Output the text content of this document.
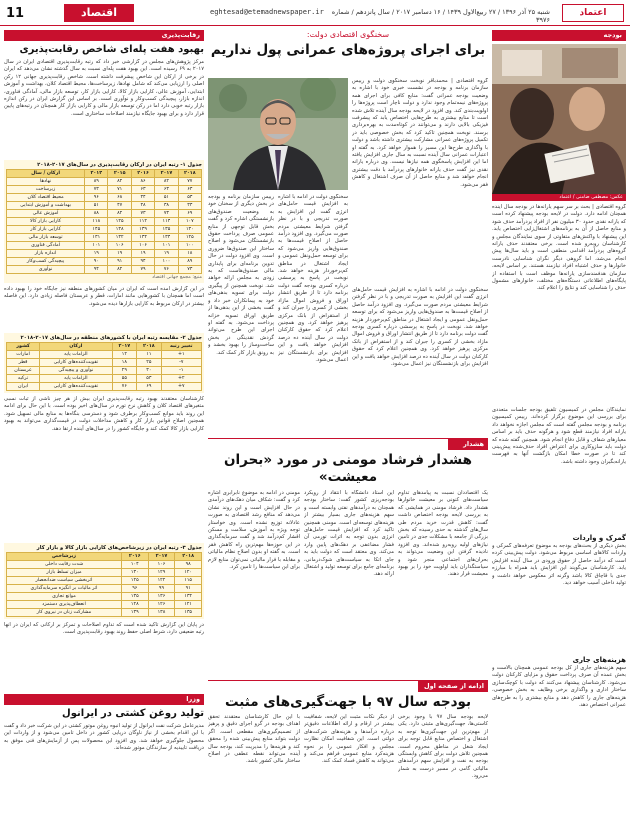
11	اقتصاد	eghtesad@etemadnewspaper.ir	شنبه ۲۵ آذر ۱۳۹۶ / ۲۷ ربیع‌الاول ۱۴۳۹ / ۱۶ دسامبر ۲۰۱۷ / سال پانزدهم / شماره ۳۹۷۶
اعتماد
رقابت‌پذیری
بهبود هفت پله‌ای شاخص رقابت‌پذیری
مرکز پژوهش‌های مجلس در گزارشی خبر داد که رتبه رقابت‌پذیری اقتصادی ایران در سال ۲۰۱۷ به ۶۹ رسیده است. این بهبود هفت پله‌ای نسبت به سال گذشته نشان می‌دهد که ایران در برخی از ارکان این شاخص پیشرفت داشته است. شاخص رقابت‌پذیری جهانی ۱۲ رکن اصلی را ارزیابی می‌کند که شامل نهادها، زیرساخت‌ها، محیط اقتصاد کلان، بهداشت و آموزش ابتدایی، آموزش عالی، کارایی بازار کالا، کارایی بازار کار، توسعه بازار مالی، آمادگی فناوری، اندازه بازار، پیچیدگی کسب‌وکار و نوآوری است. بر اساس این گزارش ایران در رکن اندازه بازار رتبه خوبی دارد اما در رکن توسعه بازار مالی و کارایی بازار کار همچنان در رتبه‌های پایین قرار دارد و برای بهبود جایگاه نیازمند اصلاحات ساختاری است.
جدول ۱- رتبه ایران در ارکان رقابت‌پذیری در سال‌های ۲۰۱۷-۲۰۱۸
ارکان / سال	۲۰۱۴	۲۰۱۵	۲۰۱۶	۲۰۱۷	۲۰۱۸
نهادها	۸۹	۸۲	۸۶	۸۲	۷۷
زیرساخت	۷۳	۷۱	۶۳	۶۳	۶۳
محیط اقتصاد کلان	۹۶	۶۸	۴۴	۵۱	۵۳
بهداشت و آموزش ابتدایی	۵۱	۴۷	۴۸	۳۸	۳۳
آموزش عالی	۸۸	۸۲	۷۳	۷۳	۶۹
کارایی بازار کالا	۱۱۸	۱۲۵	۱۱۲	۱۱۴	۱۰۷
کارایی بازار کار	۱۴۵	۱۳۸	۱۳۹	۱۳۵	۱۳۰
توسعه بازار مالی	۱۳۱	۱۳۲	۱۳۴	۱۳۴	۱۲۵
آمادگی فناوری	۱۰۱	۱۰۶	۱۰۶	۱۰۱	۱۰۰
اندازه بازار	۱۹	۱۹	۱۹	۱۹	۱۸
پیچیدگی کسب‌وکار	۹۰	۹۱	۹۴	۱۰۰	۸۹
نوآوری	۹۴	۸۲	۷۹	۷۶	۷۳
منبع: مجمع جهانی اقتصاد
در این گزارش آمده است که ایران در میان کشورهای منطقه نیز جایگاه خود را بهبود داده است اما همچنان با کشورهایی مانند امارات، قطر و عربستان فاصله زیادی دارد. این فاصله بیشتر در ارکان مربوط به کارایی بازارها دیده می‌شود.
جدول ۲- مقایسه رتبه ایران با کشورهای منطقه در سال‌های ۲۰۱۷-۲۰۱۸
کشور	ارکان	۲۰۱۷	۲۰۱۸	تغییر رتبه
امارات	الزامات پایه	۱۲	۱۱	۱+
قطر	تقویت‌کننده‌های کارایی	۱۸	۲۵	۷-
عربستان	نوآوری و پیچیدگی	۲۹	۳۰	۱-
ترکیه	الزامات پایه	۵۵	۵۳	۲+
ایران	تقویت‌کننده‌های کارایی	۷۶	۶۹	۷+
کارشناسان معتقدند بهبود رتبه رقابت‌پذیری ایران بیش از هر چیز ناشی از ثبات نسبی متغیرهای اقتصاد کلان و کاهش نرخ تورم در سال‌های اخیر بوده است. با این حال برای ادامه این روند باید موانع کسب‌وکار برطرف شود و دسترسی بنگاه‌ها به منابع مالی تسهیل شود. همچنین اصلاح قوانین بازار کار و کاهش مداخلات دولت در قیمت‌گذاری می‌تواند به بهبود کارایی بازار کالا کمک کند و جایگاه کشور را در سال‌های آینده ارتقا دهد.
جدول ۳- رتبه ایران در زیرشاخص‌های کارایی بازار کالا و بازار کار
زیرشاخص	۲۰۱۶	۲۰۱۷	۲۰۱۸
شدت رقابت داخلی	۱۰۴	۱۰۶	۹۸
میزان تسلط بازار	۱۳۰	۱۲۹	۱۲۰
اثربخشی سیاست ضدانحصار	۱۲۵	۱۲۲	۱۱۵
اثر مالیات بر انگیزه سرمایه‌گذاری	۹۶	۹۹	۹۱
موانع تجاری	۱۳۵	۱۳۶	۱۳۴
انعطاف‌پذیری دستمزد	۱۲۸	۱۲۶	۱۲۱
مشارکت زنان در نیروی کار	۱۳۹	۱۳۸	۱۳۵
در پایان این گزارش تاکید شده است که تداوم اصلاحات و تمرکز بر ارکانی که ایران در آنها رتبه ضعیفی دارد، شرط اصلی حفظ روند بهبود رقابت‌پذیری است.
وزرا
تولید روغن کشتی در ایرانول
مدیرعامل شرکت نفت ایرانول از تولید انبوه روغن موتور کشتی در این شرکت خبر داد و گفت با این اقدام بخشی از نیاز ناوگان دریایی کشور در داخل تامین می‌شود و از واردات این محصول جلوگیری خواهد شد. وی افزود این محصولات پس از آزمایش‌های فنی موفق به دریافت تاییدیه از سازندگان موتور شده‌اند.
سخنگوی اقتصادی دولت:
برای اجرای پروژه‌های عمرانی پول نداریم
گروه اقتصادی | محمدباقر نوبخت سخنگوی دولت و رییس سازمان برنامه و بودجه در نشست خبری خود با اشاره به وضعیت بودجه عمرانی گفت: منابع کافی برای اجرای همه پروژه‌های نیمه‌تمام وجود ندارد و دولت ناچار است پروژه‌ها را اولویت‌بندی کند. وی افزود در لایحه بودجه سال آینده تلاش شده است تا منابع بیشتری به طرح‌هایی اختصاص یابد که پیشرفت فیزیکی بالایی دارند و می‌توانند در کوتاه‌مدت به بهره‌برداری برسند. نوبخت همچنین تاکید کرد که بخش خصوصی باید در تکمیل پروژه‌های عمرانی مشارکت بیشتری داشته باشد و دولت با واگذاری طرح‌ها این مسیر را هموار خواهد کرد. به گفته او اعتبارات عمرانی سال آینده نسبت به سال جاری افزایش یافته اما این افزایش پاسخگوی همه نیازها نیست. وی درباره یارانه نقدی نیز گفت حذف یارانه خانوارهای پردرآمد با دقت بیشتری انجام خواهد شد و منابع حاصل از آن صرف اشتغال و کاهش فقر می‌شود.
سخنگوی دولت در ادامه با اشاره به افزایش قیمت حامل‌های انرژی گفت این افزایش به صورت تدریجی و با در نظر گرفتن شرایط معیشتی مردم صورت می‌گیرد. وی افزود درآمد حاصل از اصلاح قیمت‌ها به صندوق‌هایی واریز می‌شود که برای توسعه حمل‌ونقل عمومی و ایجاد اشتغال در مناطق کم‌برخوردار هزینه خواهد شد. نوبخت در پاسخ به پرسشی درباره کسری بودجه گفت دولت برنامه دارد تا از طریق انتشار اوراق و فروش اموال مازاد بخشی از کسری را جبران کند و از استقراض از بانک مرکزی پرهیز خواهد کرد. وی همچنین اعلام کرد که حقوق کارکنان دولت در سال آینده ده درصد افزایش خواهد یافت و این افزایش برای بازنشستگان نیز اعمال می‌شود.
رییس سازمان برنامه و بودجه در بخش دیگری از سخنان خود به وضعیت صندوق‌های بازنشستگی اشاره کرد و گفت بخش قابل توجهی از منابع عمومی صرف پرداخت حقوق بازنشستگان می‌شود و اصلاح ساختار این صندوق‌ها ضروری است. وی افزود دولت در حال تدوین برنامه‌ای برای پایداری مالی صندوق‌هاست که به زودی به مجلس ارائه خواهد شد. نوبخت همچنین از پیگیری دولت برای تسویه بدهی‌های خود به پیمانکاران خبر داد و گفت بخشی از این بدهی‌ها از طریق اوراق تسویه خزانه پرداخت می‌شود. به گفته او اجرای این طرح می‌تواند گردش نقدینگی در بخش ساخت‌وساز را بهبود بخشد و به رونق بازار کار کمک کند.
سخنگوی دولت در ادامه با اشاره به افزایش قیمت حامل‌های انرژی گفت این افزایش به صورت تدریجی و با در نظر گرفتن شرایط معیشتی مردم صورت می‌گیرد. وی افزود درآمد حاصل از اصلاح قیمت‌ها به صندوق‌هایی واریز می‌شود که برای توسعه حمل‌ونقل عمومی و ایجاد اشتغال در مناطق کم‌برخوردار هزینه خواهد شد. نوبخت در پاسخ به پرسشی درباره کسری بودجه گفت دولت برنامه دارد تا از طریق انتشار اوراق و فروش اموال مازاد بخشی از کسری را جبران کند و از استقراض از بانک مرکزی پرهیز خواهد کرد. وی همچنین اعلام کرد که حقوق کارکنان دولت در سال آینده ده درصد افزایش خواهد یافت و این افزایش برای بازنشستگان نیز اعمال می‌شود.
هشدار
هشدار فرشاد مومنی در مورد «بحران معیشت»
یک اقتصاددان نسبت به پیامدهای تداوم سیاست‌های کنونی بر معیشت خانوارها هشدار داد. فرشاد مومنی در همایشی که به بررسی لایحه بودجه اختصاص داشت گفت: کاهش قدرت خرید مردم طی سال‌های گذشته به حدی رسیده که بخش بزرگی از جامعه با مشکلات جدی در تامین نیازهای اولیه روبه‌رو شده‌اند. وی افزود نادیده گرفتن این وضعیت می‌تواند به بحران‌های اجتماعی منجر شود و سیاستگذاران باید اولویت خود را بر بهبود معیشت قرار دهند.
این استاد دانشگاه با انتقاد از رویکرد بودجه‌ریزی کشور گفت: ساختار بودجه همچنان به درآمدهای نفتی وابسته است و سهم هزینه‌های جاری بسیار بیشتر از هزینه‌های توسعه‌ای است. مومنی همچنین تاکید کرد که افزایش قیمت حامل‌های انرژی بدون توجه به اثرات تورمی آن فشار مضاعفی بر دهک‌های پایین وارد می‌کند. وی معتقد است که دولت باید به جای اتکا به سیاست‌های شوک‌درمانی، برنامه‌ای جامع برای توسعه تولید و اشتغال ارائه دهد.
مومنی در ادامه به موضوع نابرابری اشاره کرد و گفت: شکاف میان دهک‌های درآمدی در حال افزایش است و این روند نشان می‌دهد که منافع رشد اقتصادی به صورت عادلانه توزیع نشده است. وی خواستار توجه ویژه به آموزش، سلامت و مسکن اقشار کم‌درآمد شد و گفت سرمایه‌گذاری در این حوزه‌ها مهم‌ترین راه کاهش فقر است. به گفته او بدون اصلاح نظام مالیاتی و مقابله با فرار مالیاتی نمی‌توان منابع لازم برای این سیاست‌ها را تامین کرد.
ادامه از صفحه اول
بودجه سال ۹۷ با جهت‌گیری‌های مثبت
لایحه بودجه سال ۹۷ با وجود برخی کاستی‌ها، جهت‌گیری‌های مثبتی دارد. یکی از مهم‌ترین این جهت‌گیری‌ها توجه به اشتغال و اختصاص منابع قابل توجه برای ایجاد شغل در مناطق محروم است. همچنین تلاش دولت برای کاهش وابستگی بودجه به نفت و افزایش سهم درآمدهای مالیاتی گامی در مسیر درست به شمار می‌رود.
از دیگر نکات مثبت این لایحه، شفافیت بیشتر در ارقام و ارائه اطلاعات دقیق‌تر درباره درآمدها و هزینه‌های شرکت‌های دولتی است. این شفافیت امکان نظارت مجلس و افکار عمومی را بر نحوه هزینه‌کرد منابع عمومی فراهم می‌کند و می‌تواند به کاهش فساد کمک کند.
با این حال کارشناسان معتقدند تحقق اهداف بودجه در گرو اجرای دقیق و پرهیز از تصمیم‌گیری‌های مقطعی است. اگر دولت بتواند منابع پیش‌بینی شده را محقق کند و هزینه‌ها را مدیریت کند، بودجه سال آینده می‌تواند نقطه عطفی در اصلاح ساختار مالی کشور باشد.
بودجه
عکس: مصطفی ضامنی / اعتماد
گروه اقتصادی | بحث بر سر سهم یارانه‌ها در بودجه سال آینده همچنان ادامه دارد. دولت در لایحه بودجه پیشنهاد کرده است که یارانه نقدی حدود ۳۰ میلیون نفر از افراد پردرآمد حذف شود و منابع حاصل از آن به برنامه‌های اشتغال‌زایی اختصاص یابد. این پیشنهاد با واکنش‌های متفاوتی از سوی نمایندگان مجلس و کارشناسان روبه‌رو شده است. برخی معتقدند حذف یارانه گروه‌های پردرآمد اقدامی منطقی است و باید سال‌ها پیش انجام می‌شد، اما گروهی دیگر نگران شناسایی نادرست خانوارها و حذف اشتباه افراد نیازمند هستند. بر اساس لایحه، سازمان هدفمندسازی یارانه‌ها موظف است با استفاده از پایگاه‌های اطلاعاتی دستگاه‌های مختلف، خانوارهای مشمول حذف را شناسایی کند و نتایج را اعلام کند.
نمایندگان مجلس در کمیسیون تلفیق بودجه جلسات متعددی برای بررسی این موضوع برگزار کرده‌اند. رییس کمیسیون برنامه و بودجه مجلس گفته است که مجلس اجازه نخواهد داد یارانه افراد نیازمند قطع شود و هرگونه حذف باید بر اساس معیارهای شفاف و قابل دفاع انجام شود. همچنین گفته شده که دولت باید سازوکاری برای اعتراض افراد حذف‌شده پیش‌بینی کند تا در صورت خطا امکان بازگشت آنها به فهرست یارانه‌بگیران وجود داشته باشد.
گمرک و واردات
بخش دیگری از بحث‌های بودجه به موضوع تعرفه‌های گمرکی و واردات کالاهای اساسی مربوط می‌شود. دولت پیش‌بینی کرده است که درآمد حاصل از حقوق ورودی در سال آینده افزایش یابد. کارشناسان می‌گویند این افزایش باید همراه با مبارزه جدی با قاچاق کالا باشد وگرنه اثر معکوس خواهد داشت و تولید داخلی آسیب خواهد دید.
هزینه‌های جاری
سهم هزینه‌های جاری از کل بودجه عمومی همچنان بالاست و بخش عمده آن صرف پرداخت حقوق و مزایای کارکنان دولت می‌شود. کارشناسان پیشنهاد می‌کنند که دولت با کوچک‌سازی ساختار اداری و واگذاری برخی وظایف به بخش خصوصی، هزینه‌های جاری را کاهش دهد و منابع بیشتری را به طرح‌های عمرانی اختصاص دهد.
